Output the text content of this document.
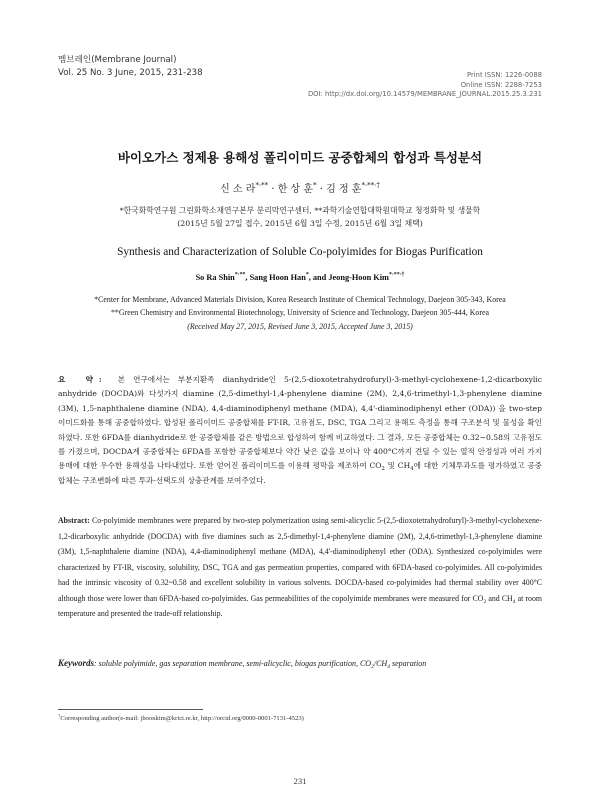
멤브레인(Membrane Journal)
Vol. 25 No. 3 June, 2015, 231-238	Print ISSN: 1226-0088
Online ISSN: 2288-7253
DOI: http://dx.doi.org/10.14579/MEMBRANE_JOURNAL.2015.25.3.231
바이오가스 정제용 용해성 폴리이미드 공중합체의 합성과 특성분석
신 소 라*·** · 한 상 훈* · 김 정 훈*·**·†
*한국화학연구원 그린화학소재연구본부 분리막연구센터, **과학기술연합대학원대학교 청정화학 및 생물학
(2015년 5월 27일 접수, 2015년 6월 3일 수정, 2015년 6월 3일 채택)
Synthesis and Characterization of Soluble Co-polyimides for Biogas Purification
So Ra Shin*·**, Sang Hoon Han*, and Jeong-Hoon Kim*·**·†
*Center for Membrane, Advanced Materials Division, Korea Research Institute of Chemical Technology, Daejeon 305-343, Korea
**Green Chemistry and Environmental Biotechnology, University of Science and Technology, Daejeon 305-444, Korea
(Received May 27, 2015, Revised June 3, 2015, Accepted June 3, 2015)
요 약: 본 연구에서는 부분지환족 dianhydride인 5-(2,5-dioxotetrahydrofuryl)-3-methyl-cyclohexene-1,2-dicarboxylic anhydride (DOCDA)와 다섯가지 diamine (2,5-dimethyl-1,4-phenylene diamine (2M), 2,4,6-trimethyl-1,3-phenylene diamine (3M), 1,5-naphthalene diamine (NDA), 4,4-diaminodiphenyl methane (MDA), 4,4'-diaminodiphenyl ether (ODA)) 을 two-step 이미드화를 통해 공중합하였다. 합성된 폴리이미드 공중합체를 FT-IR, 고유점도, DSC, TGA 그리고 용해도 측정을 통해 구조분석 및 물성을 확인하였다. 또한 6FDA를 dianhydride로 한 공중합체를 같은 방법으로 합성하여 함께 비교하였다. 그 결과, 모든 공중합체는 0.32~0.58의 고유점도를 가졌으며, DOCDA계 공중합체는 6FDA를 포함한 공중합체보다 약간 낮은 값을 보이나 약 400°C까지 견딜 수 있는 열적 안정성과 여러 가지 용매에 대한 우수한 용해성을 나타내었다. 또한 얻어진 폴리이미드를 이용해 평막을 제조하여 $CO_2$ 및 $CH_4$에 대한 기체투과도를 평가하였고 공중합체는 구조변화에 따른 투과-선택도의 상충관계를 보여주었다.
Abstract: Co-polyimide membranes were prepared by two-step polymerization using semi-alicyclic 5-(2,5-dioxotetrahydrofuryl)-3-methyl-cyclohexene-1,2-dicarboxylic anhydride (DOCDA) with five diamines such as 2,5-dimethyl-1,4-phenylene diamine (2M), 2,4,6-trimethyl-1,3-phenylene diamine (3M), 1,5-naphthalene diamine (NDA), 4,4-diaminodiphenyl methane (MDA), 4,4'-diaminodiphenyl ether (ODA). Synthesized co-polyimides were characterized by FT-IR, viscosity, solubility, DSC, TGA and gas permeation properties, compared with 6FDA-based co-polyimides. All co-polyimides had the intrinsic viscosity of 0.32~0.58 and excellent solubility in various solvents. DOCDA-based co-polyimides had thermal stability over 400°C although those were lower than 6FDA-based co-polyimides. Gas permeabilities of the copolyimide membranes were measured for $CO_2$ and $CH_4$ at room temperature and presented the trade-off relationship.
Keywords: soluble polyimide, gas separation membrane, semi-alicyclic, biogas purification, $CO_2/CH_4$ separation
†Corresponding author(e-mail: jhoonkim@krict.re.kr, http://orcid.org/0000-0001-7131-4523)
231
